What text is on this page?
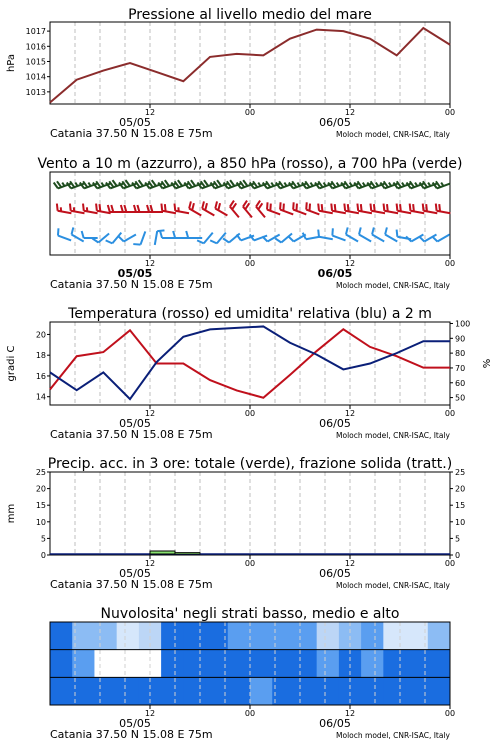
Pressione al livello medio del mare
1013
1014
1015
1016
1017
hPa
12
05/05
00	12
06/05
00
Catania 37.50 N 15.08 E 75m	Moloch model, CNR-ISAC, Italy
Vento a 10 m (azzurro), a 850 hPa (rosso), a 700 hPa (verde)
12
05/05
00	12
06/05
00
Catania 37.50 N 15.08 E 75m	Moloch model, CNR-ISAC, Italy
Temperatura (rosso) ed umidita' relativa (blu) a 2 m
14
16
18
20
50
60
70
80
90
100
gradi C	%
12
05/05
00	12
06/05
00
Catania 37.50 N 15.08 E 75m	Moloch model, CNR-ISAC, Italy
Precip. acc. in 3 ore: totale (verde), frazione solida (tratt.)
0	0
5	5
10	10
15	15
20	20
25	25
mm
12
05/05
00	12
06/05
00
Catania 37.50 N 15.08 E 75m	Moloch model, CNR-ISAC, Italy
Nuvolosita' negli strati basso, medio e alto
12
05/05
00	12
06/05
00
Catania 37.50 N 15.08 E 75m	Moloch model, CNR-ISAC, Italy
